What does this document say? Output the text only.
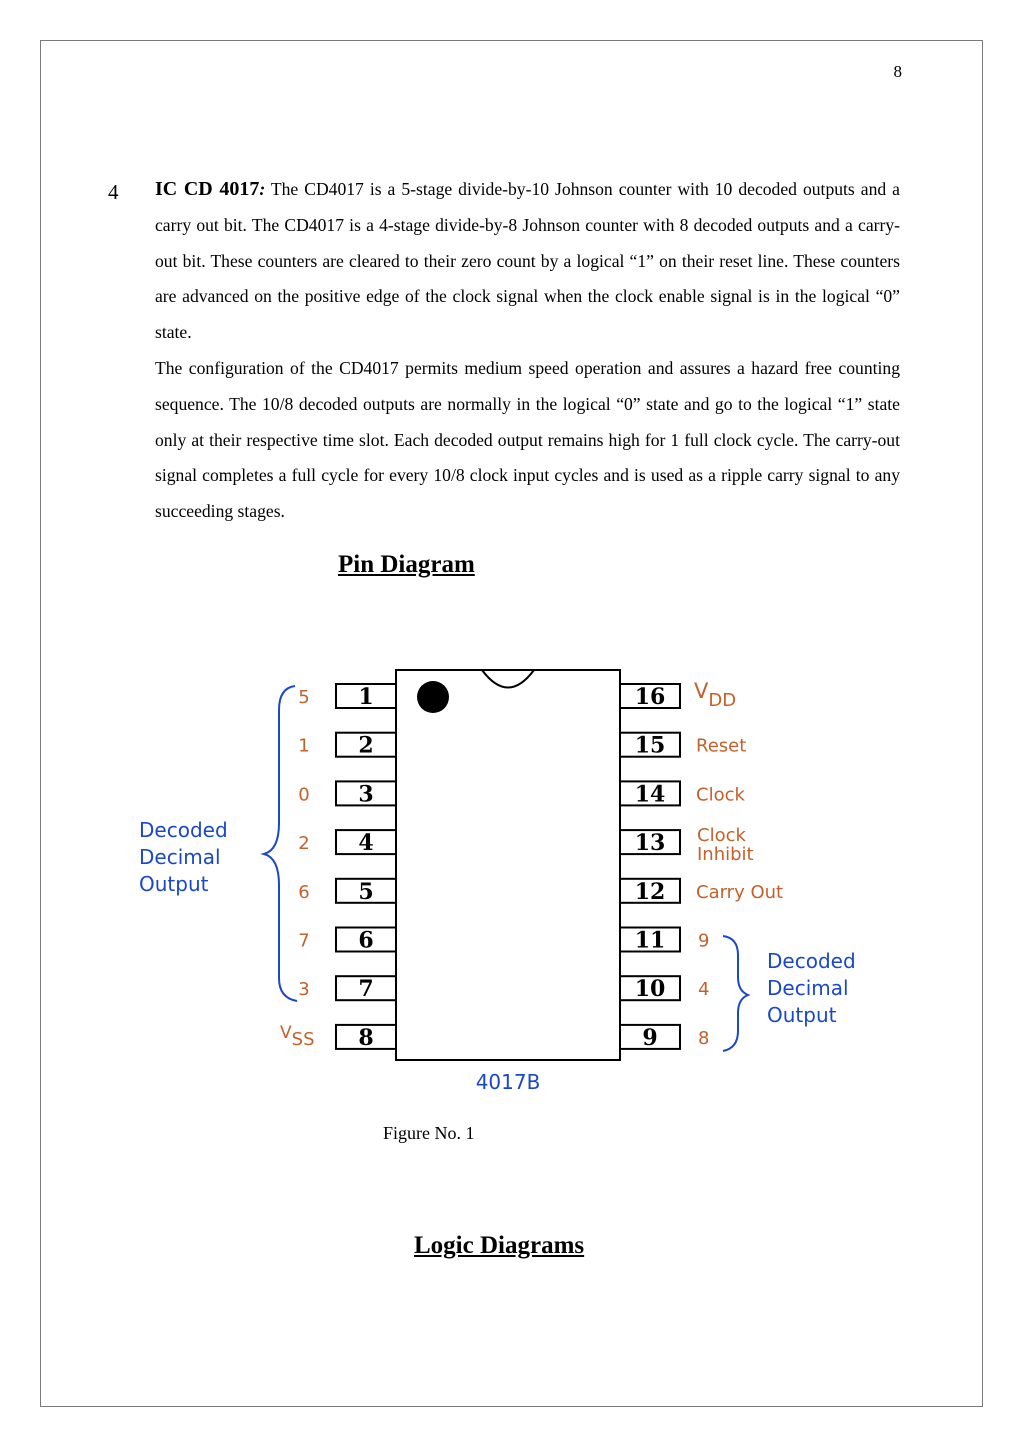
8
4 IC CD 4017: The CD4017 is a 5-stage divide-by-10 Johnson counter with 10 decoded outputs and a carry out bit. The CD4017 is a 4-stage divide-by-8 Johnson counter with 8 decoded outputs and a carry-out bit. These counters are cleared to their zero count by a logical “1” on their reset line. These counters are advanced on the positive edge of the clock signal when the clock enable signal is in the logical “0” state.

The configuration of the CD4017 permits medium speed operation and assures a hazard free counting sequence. The 10/8 decoded outputs are normally in the logical “0” state and go to the logical “1” state only at their respective time slot. Each decoded output remains high for 1 full clock cycle. The carry-out signal completes a full cycle for every 10/8 clock input cycles and is used as a ripple carry signal to any succeeding stages.

Pin Diagram
1
5
2
1
3
0
4
2
5
6
6
7
7
3
8
VSS
16 VDD
15 Reset
14 Clock
13 Clock
Inhibit
12 Carry Out
11 9
10 4
9 8
Decoded
Decimal
Output
Decoded
Decimal
Output
4017B
Figure No. 1
Logic Diagrams
